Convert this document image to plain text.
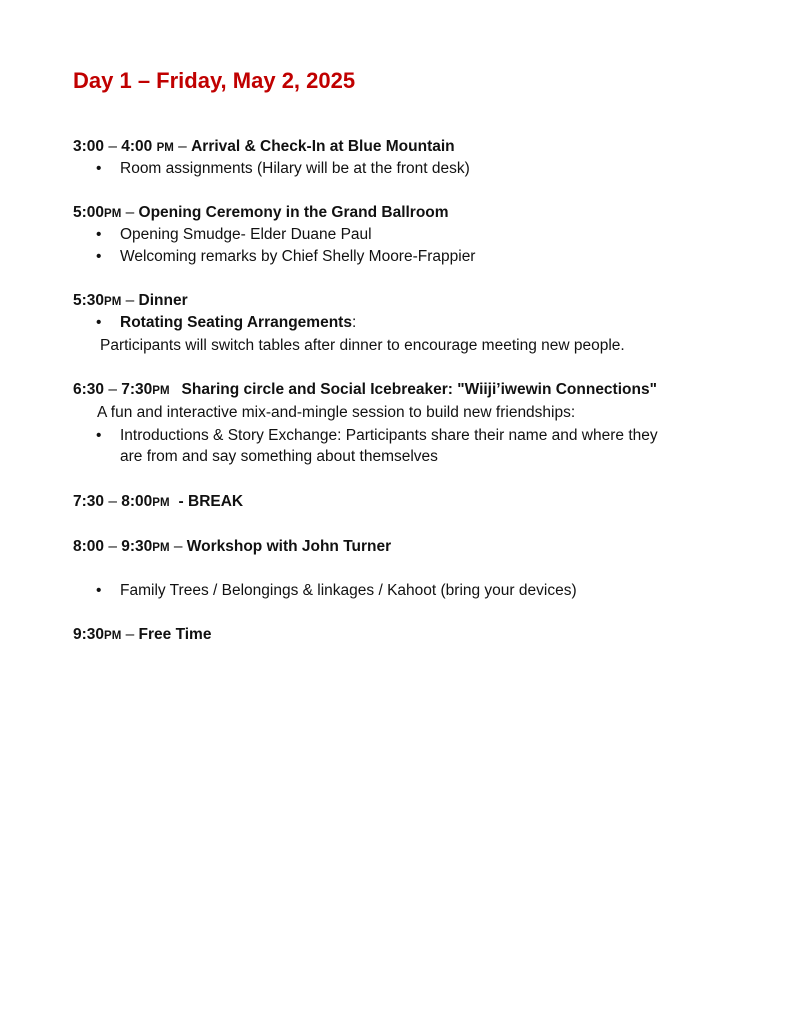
Day 1 – Friday, May 2, 2025
3:00 – 4:00 PM – Arrival & Check-In at Blue Mountain
• Room assignments (Hilary will be at the front desk)
5:00PM – Opening Ceremony in the Grand Ballroom
• Opening Smudge- Elder Duane Paul
• Welcoming remarks by Chief Shelly Moore-Frappier
5:30PM – Dinner
• Rotating Seating Arrangements:
Participants will switch tables after dinner to encourage meeting new people.
6:30 – 7:30PM Sharing circle and Social Icebreaker: "Wiiji’iwewin Connections"
A fun and interactive mix-and-mingle session to build new friendships:
• Introductions & Story Exchange: Participants share their name and where they
are from and say something about themselves
7:30 – 8:00PM - BREAK
8:00 – 9:30PM – Workshop with John Turner
• Family Trees / Belongings & linkages / Kahoot (bring your devices)
9:30PM – Free Time
